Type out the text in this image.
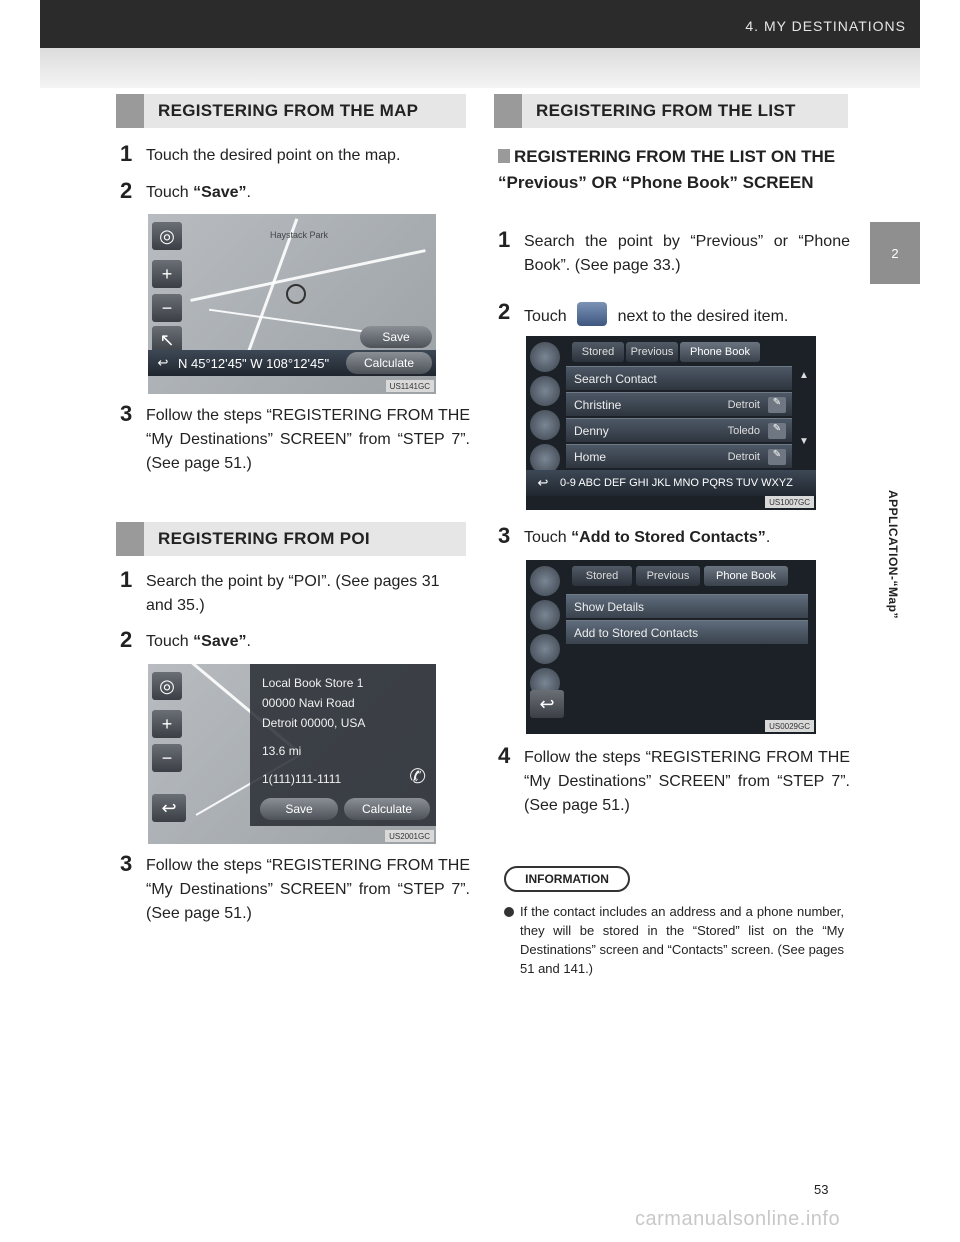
4. MY DESTINATIONS
2
APPLICATION-“Map”
REGISTERING FROM THE MAP
1 Touch the desired point on the map.
2 Touch “Save”.
Haystack Park
◎
+
−
↖	Save
↩ N 45°12'45" W 108°12'45"	Calculate
US1141GC
3 Follow the steps “REGISTERING FROM THE “My Destinations” SCREEN” from “STEP 7”. (See page 51.)
REGISTERING FROM POI
1 Search the point by “POI”. (See pages 31 and 35.)
2 Touch “Save”.
◎
+
−
Local Book Store 1
00000 Navi Road
Detroit 00000, USA
13.6 mi
1(111)111-1111	✆
↩	Save	Calculate
US2001GC
3 Follow the steps “REGISTERING FROM THE “My Destinations” SCREEN” from “STEP 7”. (See page 51.)
REGISTERING FROM THE LIST
REGISTERING FROM THE LIST ON THE “Previous” OR “Phone Book” SCREEN
1 Search the point by “Previous” or “Phone Book”. (See page 33.)
2 Touch	next to the desired item.
Stored	Previous	Phone Book
Search Contact
Christine	Detroit	✎
Denny	Toledo	✎
Home	Detroit	✎
▲

▼
↩	0-9 ABC DEF GHI JKL MNO PQRS TUV WXYZ
US1007GC
3 Touch “Add to Stored Contacts”.
Stored	Previous	Phone Book
Show Details
Add to Stored Contacts
↩
US0029GC
4 Follow the steps “REGISTERING FROM THE “My Destinations” SCREEN” from “STEP 7”. (See page 51.)
INFORMATION
If the contact includes an address and a phone number, they will be stored in the “Stored” list on the “My Destinations” screen and “Contacts” screen. (See pages 51 and 141.)
53
carmanualsonline.info
